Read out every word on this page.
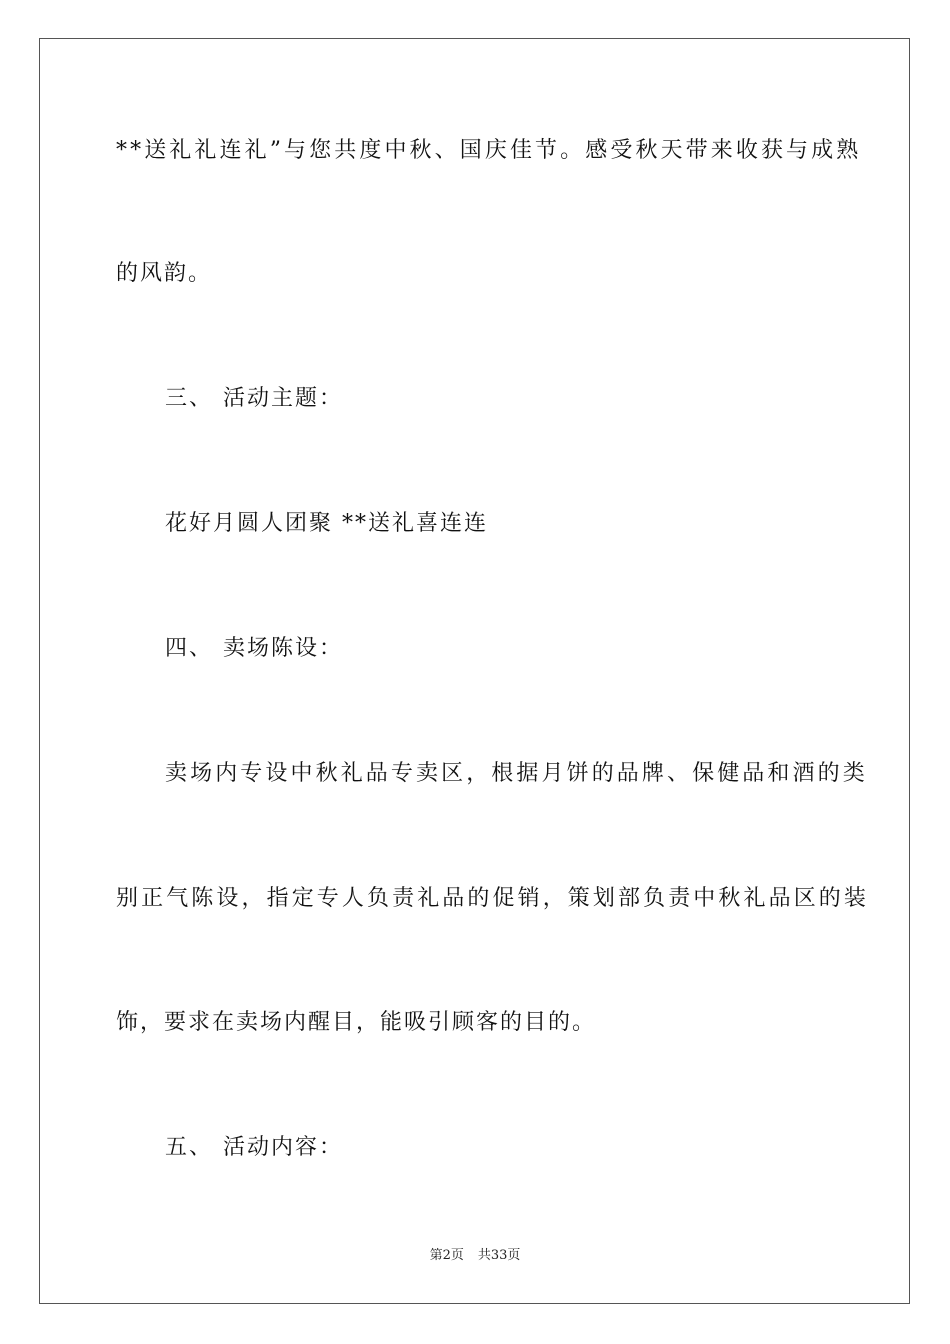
**送礼礼连礼”与您共度中秋、国庆佳节。感受秋天带来收获与成熟
的风韵。
三、 活动主题：
花好月圆人团聚 **送礼喜连连
四、 卖场陈设：
卖场内专设中秋礼品专卖区，根据月饼的品牌、保健品和酒的类
别正气陈设，指定专人负责礼品的促销，策划部负责中秋礼品区的装
饰，要求在卖场内醒目，能吸引顾客的目的。
五、 活动内容：
第2页 共33页
